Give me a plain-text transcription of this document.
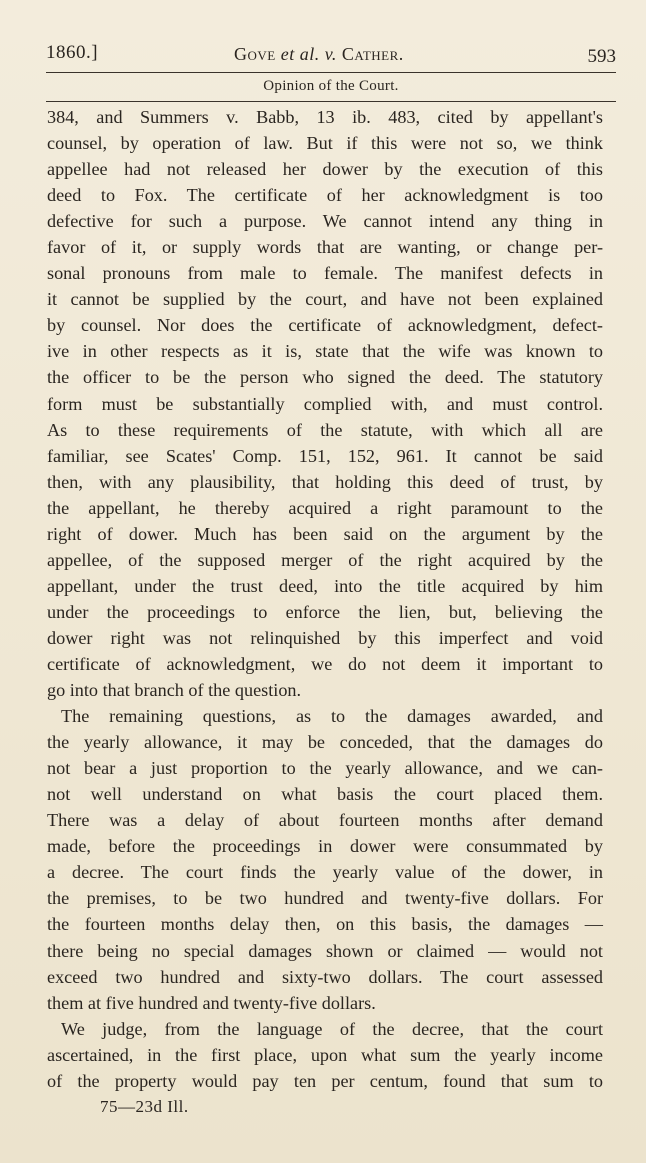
1860.]	Gove et al. v. Cather.	593
Opinion of the Court.
384, and Summers v. Babb, 13 ib. 483, cited by appellant's
counsel, by operation of law. But if this were not so, we think
appellee had not released her dower by the execution of this
deed to Fox. The certificate of her acknowledgment is too
defective for such a purpose. We cannot intend any thing in
favor of it, or supply words that are wanting, or change per-
sonal pronouns from male to female. The manifest defects in
it cannot be supplied by the court, and have not been explained
by counsel. Nor does the certificate of acknowledgment, defect-
ive in other respects as it is, state that the wife was known to
the officer to be the person who signed the deed. The statutory
form must be substantially complied with, and must control.
As to these requirements of the statute, with which all are
familiar, see Scates' Comp. 151, 152, 961. It cannot be said
then, with any plausibility, that holding this deed of trust, by
the appellant, he thereby acquired a right paramount to the
right of dower. Much has been said on the argument by the
appellee, of the supposed merger of the right acquired by the
appellant, under the trust deed, into the title acquired by him
under the proceedings to enforce the lien, but, believing the
dower right was not relinquished by this imperfect and void
certificate of acknowledgment, we do not deem it important to
go into that branch of the question.
The remaining questions, as to the damages awarded, and
the yearly allowance, it may be conceded, that the damages do
not bear a just proportion to the yearly allowance, and we can-
not well understand on what basis the court placed them.
There was a delay of about fourteen months after demand
made, before the proceedings in dower were consummated by
a decree. The court finds the yearly value of the dower, in
the premises, to be two hundred and twenty-five dollars. For
the fourteen months delay then, on this basis, the damages —
there being no special damages shown or claimed — would not
exceed two hundred and sixty-two dollars. The court assessed
them at five hundred and twenty-five dollars.
We judge, from the language of the decree, that the court
ascertained, in the first place, upon what sum the yearly income
of the property would pay ten per centum, found that sum to
75—23d Ill.
